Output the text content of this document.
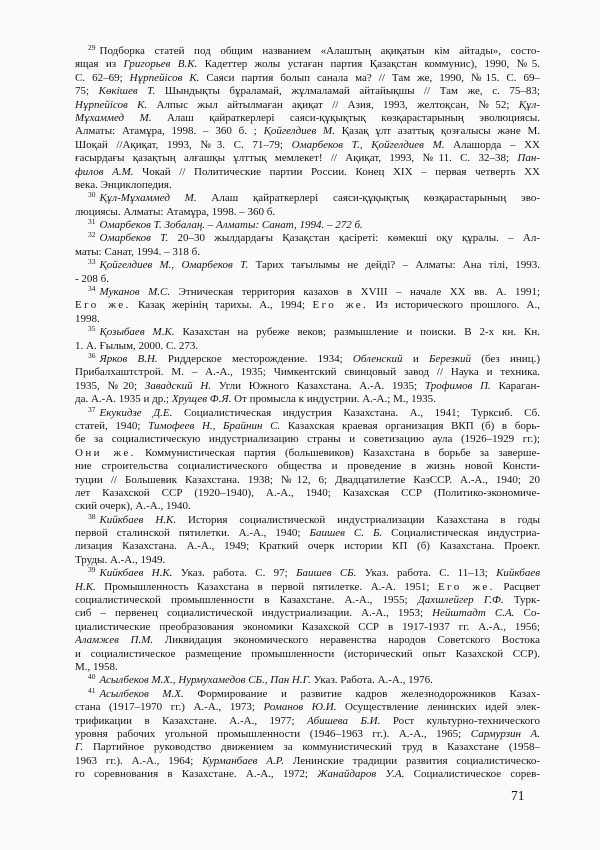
$^{29}$ Подборка статей под общим названием «Алаштың ақиқатын кім айтады», состо-
ящая из Григорьев В.К. Кадеттер жолы устаған партия Қазақстан коммунис), 1990, №5.
С. 62–69; Нұрпейісов К. Саяси партия болып санала ма? // Там же, 1990, №15. С. 69–
75; Көкішев Т. Шындықты бұраламай, жұлмаламай айтайықшы // Там же, с. 75–83;
Нұрпейісов К. Алпыс жыл айтылмаған ақиқат // Азия, 1993, желтоқсан, №52; Құл-
Мұхаммед М. Алаш қайраткерлері саяси-құқықтық көзқарастарының эволюциясы.
Алматы: Атамұра, 1998. – 360 б. ; Қойгелдиев М. Қазақ ұлт азаттық қозғалысы және М.
Шоқай //Ақиқат, 1993, №3. С. 71–79; Омарбеков Т., Қойгелдиев М. Алашорда – XX
ғасырдағы қазақтың алғашқы ұлттық мемлекет! // Ақиқат, 1993, №11. С. 32–38; Пан-
филов А.М. Чокай // Политические партии России. Конец XIX – первая четверть XX
века. Энциклопедия.
$^{30}$ Құл-Мұхаммед М. Алаш қайраткерлері саяси-құқықтық көзқарастарының эво-
люциясы. Алматы: Атамұра, 1998. – 360 б.
$^{31}$ Омарбеков Т. Зобалаң. – Алматы: Санат, 1994. – 272 б.
$^{32}$ Омарбеков Т. 20–30 жылдардағы Қазақстан қасіреті: көмекші оқу құралы. – Ал-
маты: Санат, 1994. – 318 б.
$^{33}$ Қойгелдиев М., Омарбеков Т. Тарих тағылымы не дейді? – Алматы: Ана тілі, 1993.
- 208 б.
$^{34}$ Муканов М.С. Этническая территория казахов в XVIII – начале XX вв. А. 1991;
Его же. Казақ жерінің тарихы. А., 1994; Его же. Из исторического прошлого. А.,
1998.
$^{35}$ Қозыбаев М.К. Казахстан на рубеже веков; размышление и поиски. В 2-х кн. Кн.
1. А. Ғылым, 2000. С. 273.
$^{36}$ Ярков В.Н. Риддерское месторождение. 1934; Обленский и Березкий (без иниц.)
Прибалхаштстрой. М. – А.-А., 1935; Чимкентский свинцовый завод // Наука и техника.
1935, №20; Завадский Н. Угли Южного Казахстана. А.-А. 1935; Трофимов П. Караган-
да. А.-А. 1935 и др.; Хрущев Ф.Я. От промысла к индустрии. А.-А.; М., 1935.
$^{37}$ Екукидзе Д.Е. Социалистическая индустрия Казахстана. А., 1941; Турксиб. Сб.
статей, 1940; Тимофеев Н., Брайнин С. Казахская краевая организация ВКП (б) в борь-
бе за социалистическую индустриализацию страны и советизацию аула (1926–1929 гг.);
Они же. Коммунистическая партия (большевиков) Казахстана в борьбе за заверше-
ние строительства социалистического общества и проведение в жизнь новой Консти-
туции // Большевик Казахстана. 1938; №12, 6; Двадцатилетие КазССР. А.-А., 1940; 20
лет Казахской ССР (1920–1940), А.-А., 1940; Казахская ССР (Политико-экономиче-
ский очерк), А.-А., 1940.
$^{38}$ Кийкбаев Н.К. История социалистической индустриализации Казахстана в годы
первой сталинской пятилетки. А.-А., 1940; Баишев С. Б. Социалистическая индустриа-
лизация Казахстана. А.-А., 1949; Краткий очерк истории КП (б) Казахстана. Проект.
Труды. А.-А., 1949.
$^{39}$ Кийкбаев Н.К. Указ. работа. С. 97; Баишев СБ. Указ. работа. С. 11–13; Кийкбаев
Н.К. Промышленность Казахстана в первой пятилетке. А.-А. 1951; Его же. Расцвет
социалистической промышленности в Казахстане. А.-А., 1955; Дахшлейгер Г.Ф. Турк-
сиб – первенец социалистической индустриализации. А.-А., 1953; Нейштадт С.А. Со-
циалистические преобразования экономики Казахской ССР в 1917-1937 гг. А.-А., 1956;
Аламжев П.М. Ликвидация экономического неравенства народов Советского Востока
и социалистическое размещение промышленности (исторический опыт Казахской ССР).
М., 1958.
$^{40}$ Асылбеков М.Х., Нурмухамедов СБ., Пан Н.Г. Указ. Работа. А.-А., 1976.
$^{41}$ Асылбеков М.Х. Формирование и развитие кадров железнодорожников Казах-
стана (1917–1970 гг.) А.-А., 1973; Романов Ю.И. Осуществление ленинских идей элек-
трификации в Казахстане. А.-А., 1977; Абишева Б.И. Рост культурно-технического
уровня рабочих угольной промышленности (1946–1963 гг.). А.-А., 1965; Сармурзин А.
Г. Партийное руководство движением за коммунистический труд в Казахстане (1958–
1963 гг.). А.-А., 1964; Курманбаев А.Р. Ленинские традиции развития социалистическо-
го соревнования в Казахстане. А.-А., 1972; Жанайдаров У.А. Социалистическое сорев-
71
